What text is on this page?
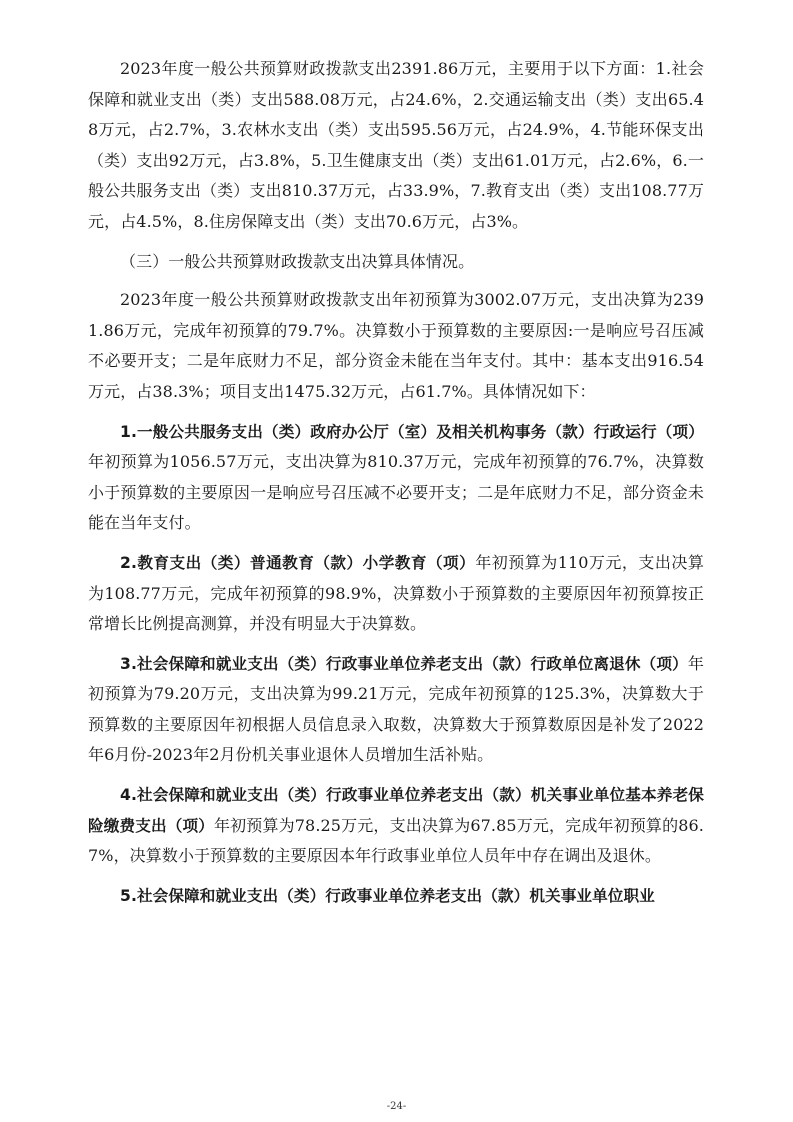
2023年度一般公共预算财政拨款支出2391.86万元，主要用于以下方面：1.社会保障和就业支出（类）支出588.08万元，占24.6%，2.交通运输支出（类）支出65.48万元，占2.7%，3.农林水支出（类）支出595.56万元，占24.9%，4.节能环保支出（类）支出92万元，占3.8%，5.卫生健康支出（类）支出61.01万元，占2.6%，6.一般公共服务支出（类）支出810.37万元，占33.9%，7.教育支出（类）支出108.77万元，占4.5%，8.住房保障支出（类）支出70.6万元，占3%。

（三）一般公共预算财政拨款支出决算具体情况。

2023年度一般公共预算财政拨款支出年初预算为3002.07万元，支出决算为2391.86万元，完成年初预算的79.7%。决算数小于预算数的主要原因:一是响应号召压减不必要开支；二是年底财力不足，部分资金未能在当年支付。其中：基本支出916.54万元，占38.3%；项目支出1475.32万元，占61.7%。具体情况如下：

1.一般公共服务支出（类）政府办公厅（室）及相关机构事务（款）行政运行（项）年初预算为1056.57万元，支出决算为810.37万元，完成年初预算的76.7%，决算数小于预算数的主要原因一是响应号召压减不必要开支；二是年底财力不足，部分资金未能在当年支付。

2.教育支出（类）普通教育（款）小学教育（项）年初预算为110万元，支出决算为108.77万元，完成年初预算的98.9%，决算数小于预算数的主要原因年初预算按正常增长比例提高测算，并没有明显大于决算数。

3.社会保障和就业支出（类）行政事业单位养老支出（款）行政单位离退休（项）年初预算为79.20万元，支出决算为99.21万元，完成年初预算的125.3%，决算数大于预算数的主要原因年初根据人员信息录入取数，决算数大于预算数原因是补发了2022年6月份-2023年2月份机关事业退休人员增加生活补贴。

4.社会保障和就业支出（类）行政事业单位养老支出（款）机关事业单位基本养老保险缴费支出（项）年初预算为78.25万元，支出决算为67.85万元，完成年初预算的86.7%，决算数小于预算数的主要原因本年行政事业单位人员年中存在调出及退休。

5.社会保障和就业支出（类）行政事业单位养老支出（款）机关事业单位职业

-24-
